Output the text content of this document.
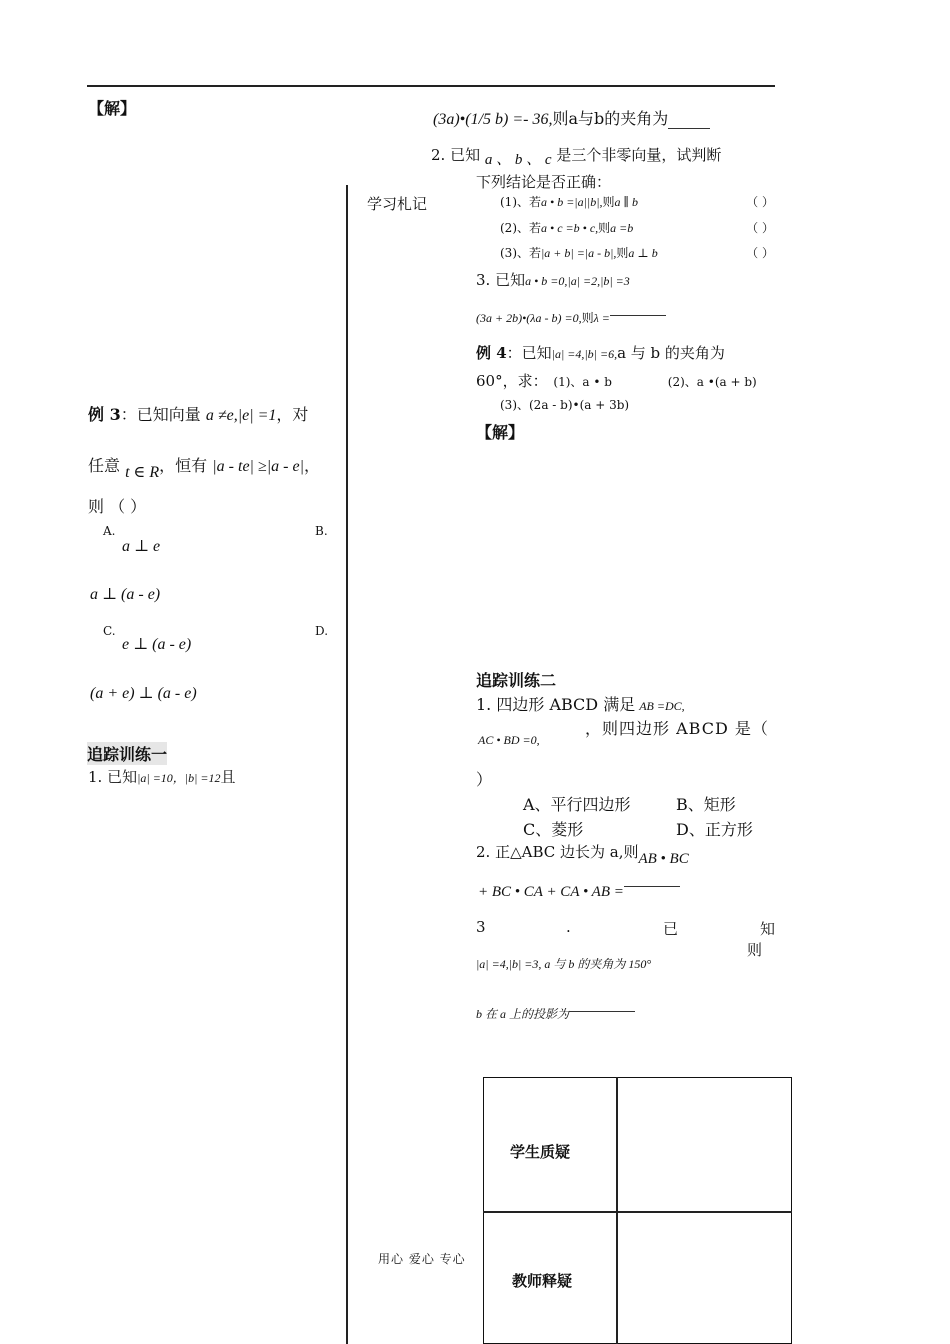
【解】
例 3：已知向量 a ≠e,|e| =1，对
任意 t ∈ R，恒有 |a - te| ≥|a - e|，
则 （ ）
A.
a ⊥ e
B.
a ⊥ (a - e)
C.
e ⊥ (a - e)
D.
(a + e) ⊥ (a - e)
追踪训练一
1. 已知|a| =10，|b| =12且
学习札记
(3a)•(1/5 b) =- 36,则a与b的夹角为
2. 已知 a 、 b 、 c 是三个非零向量，试判断
下列结论是否正确：
(1)、若a • b =|a||b|,则a ∥ b	（ ）
(2)、若a • c =b • c,则a =b	（ ）
(3)、若|a + b| =|a - b|,则a ⊥ b	（ ）
3. 已知a • b =0,|a| =2,|b| =3
(3a + 2b)•(λa - b) =0,则λ =
例 4：已知|a| =4,|b| =6,a 与 b 的夹角为
60°，求： (1)、a • b	(2)、a •(a + b)
(3)、(2a - b)•(a + 3b)
【解】
追踪训练二
1. 四边形 ABCD 满足 AB =DC,
AC • BD =0,
，则四边形 ABCD 是（
）
A、平行四边形	B、矩形
C、菱形	D、正方形
2. 正△ABC 边长为 a,则AB • BC
+ BC • CA + CA • AB =
3	.	已	知
则
|a| =4,|b| =3, a 与 b 的夹角为 150°
b 在 a 上的投影为
学生质疑
教师释疑
用心 爱心 专心
